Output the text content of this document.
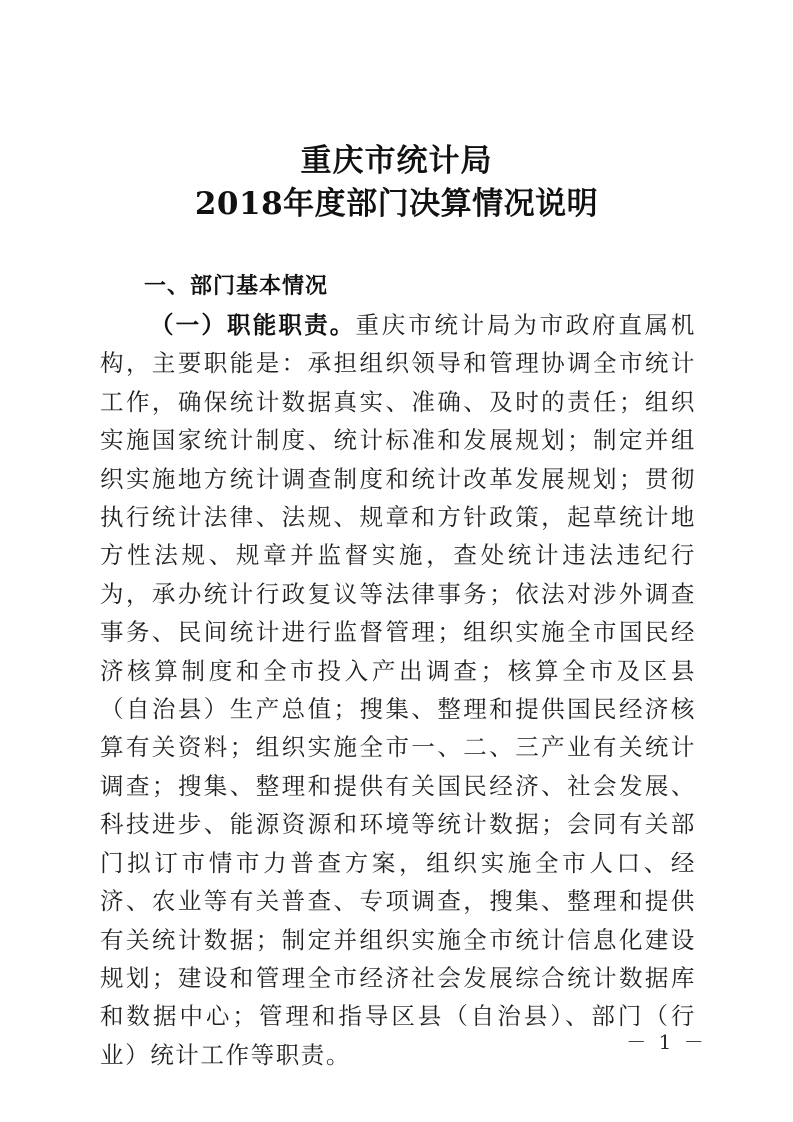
重庆市统计局
2018年度部门决算情况说明

一、部门基本情况

（一）职能职责。重庆市统计局为市政府直属机构，主要职能是：承担组织领导和管理协调全市统计工作，确保统计数据真实、准确、及时的责任；组织实施国家统计制度、统计标准和发展规划；制定并组织实施地方统计调查制度和统计改革发展规划；贯彻执行统计法律、法规、规章和方针政策，起草统计地方性法规、规章并监督实施，查处统计违法违纪行为，承办统计行政复议等法律事务；依法对涉外调查事务、民间统计进行监督管理；组织实施全市国民经济核算制度和全市投入产出调查；核算全市及区县（自治县）生产总值；搜集、整理和提供国民经济核算有关资料；组织实施全市一、二、三产业有关统计调查；搜集、整理和提供有关国民经济、社会发展、科技进步、能源资源和环境等统计数据；会同有关部门拟订市情市力普查方案，组织实施全市人口、经济、农业等有关普查、专项调查，搜集、整理和提供有关统计数据；制定并组织实施全市统计信息化建设规划；建设和管理全市经济社会发展综合统计数据库和数据中心；管理和指导区县（自治县）、部门（行业）统计工作等职责。	－ 1 －
